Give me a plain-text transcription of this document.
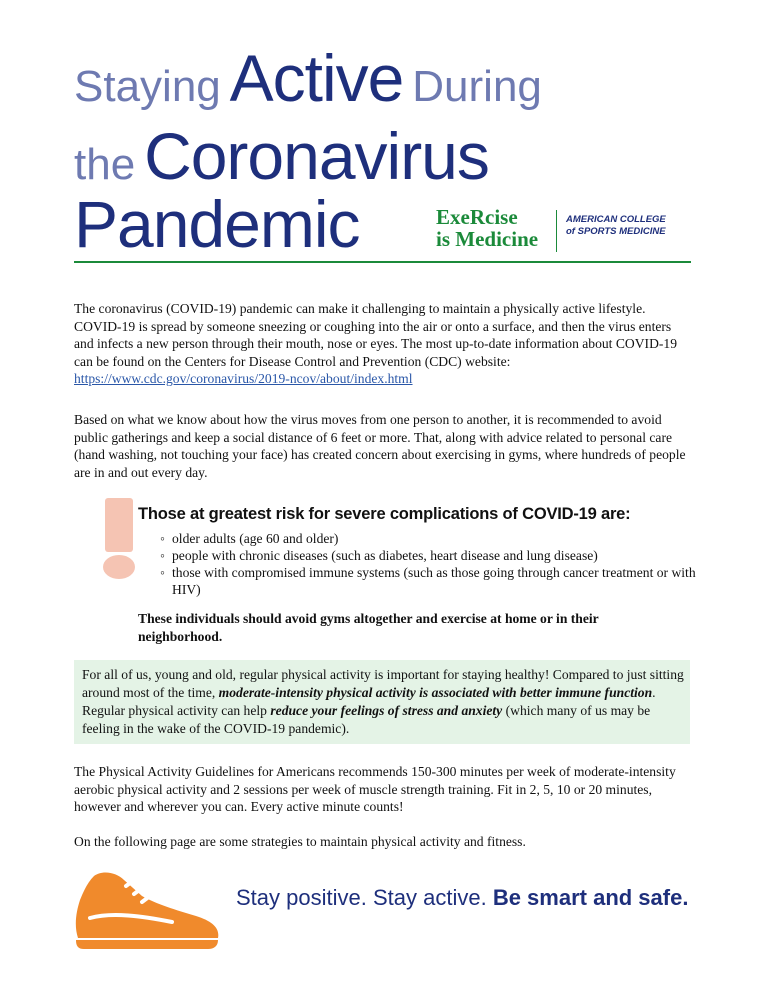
Staying Active During
the Coronavirus
Pandemic	ExeRcise
is Medicine
AMERICAN COLLEGE
of SPORTS MEDICINE

The coronavirus (COVID-19) pandemic can make it challenging to maintain a physically active lifestyle. COVID-19 is spread by someone sneezing or coughing into the air or onto a surface, and then the virus enters and infects a new person through their mouth, nose or eyes. The most up-to-date information about COVID-19 can be found on the Centers for Disease Control and Prevention (CDC) website: https://www.cdc.gov/coronavirus/2019-ncov/about/index.html

Based on what we know about how the virus moves from one person to another, it is recommended to avoid public gatherings and keep a social distance of 6 feet or more. That, along with advice related to personal care (hand washing, not touching your face) has created concern about exercising in gyms, where hundreds of people are in and out every day.

Those at greatest risk for severe complications of COVID-19 are:
◦ older adults (age 60 and older)
◦ people with chronic diseases (such as diabetes, heart disease and lung disease)
◦ those with compromised immune systems (such as those going through cancer treatment or with HIV)

These individuals should avoid gyms altogether and exercise at home or in their neighborhood.

For all of us, young and old, regular physical activity is important for staying healthy! Compared to just sitting around most of the time, moderate-intensity physical activity is associated with better immune function. Regular physical activity can help reduce your feelings of stress and anxiety (which many of us may be feeling in the wake of the COVID-19 pandemic).

The Physical Activity Guidelines for Americans recommends 150-300 minutes per week of moderate-intensity aerobic physical activity and 2 sessions per week of muscle strength training. Fit in 2, 5, 10 or 20 minutes, however and wherever you can. Every active minute counts!

On the following page are some strategies to maintain physical activity and fitness.

Stay positive. Stay active. Be smart and safe.
